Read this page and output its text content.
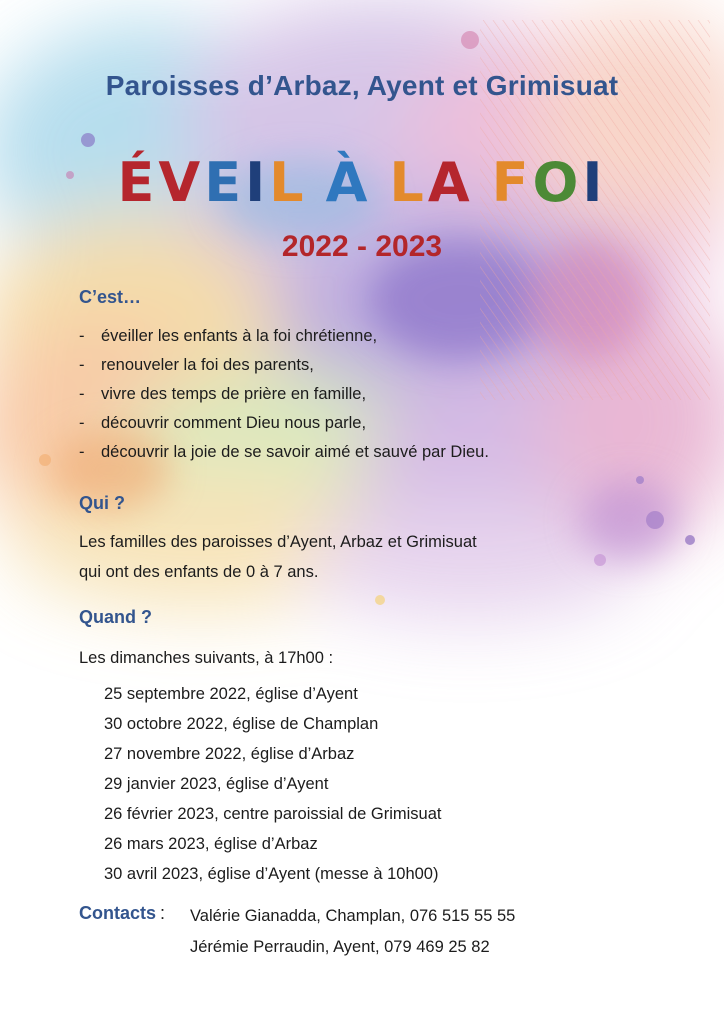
Paroisses d’Arbaz, Ayent et Grimisuat
ÉVEIL À LA FOI
2022 - 2023
C’est…
- éveiller les enfants à la foi chrétienne,
- renouveler la foi des parents,
- vivre des temps de prière en famille,
- découvrir comment Dieu nous parle,
- découvrir la joie de se savoir aimé et sauvé par Dieu.
Qui ?
Les familles des paroisses d’Ayent, Arbaz et Grimisuat
qui ont des enfants de 0 à 7 ans.
Quand ?
Les dimanches suivants, à 17h00 :
25 septembre 2022, église d’Ayent
30 octobre 2022, église de Champlan
27 novembre 2022, église d’Arbaz
29 janvier 2023, église d’Ayent
26 février 2023, centre paroissial de Grimisuat
26 mars 2023, église d’Arbaz
30 avril 2023, église d’Ayent (messe à 10h00)
Contacts : Valérie Gianadda, Champlan, 076 515 55 55
Jérémie Perraudin, Ayent, 079 469 25 82
